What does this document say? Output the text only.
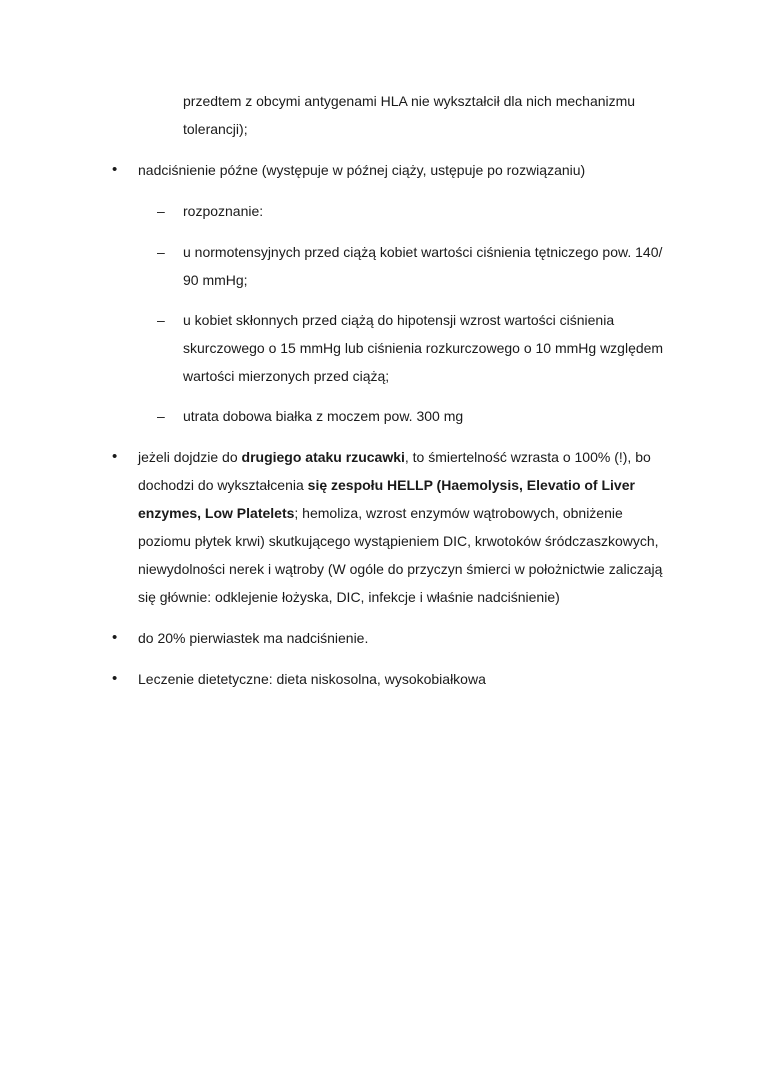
przedtem z obcymi antygenami HLA nie wykształcił dla nich mechanizmu
tolerancji);
• nadciśnienie późne (występuje w późnej ciąży, ustępuje po rozwiązaniu)
– rozpoznanie:
– u normotensyjnych przed ciążą kobiet wartości ciśnienia tętniczego pow. 140/
90 mmHg;
– u kobiet skłonnych przed ciążą do hipotensji wzrost wartości ciśnienia
skurczowego o 15 mmHg lub ciśnienia rozkurczowego o 10 mmHg względem
wartości mierzonych przed ciążą;
– utrata dobowa białka z moczem pow. 300 mg
• jeżeli dojdzie do drugiego ataku rzucawki, to śmiertelność wzrasta o 100% (!), bo
dochodzi do wykształcenia się zespołu HELLP (Haemolysis, Elevatio of Liver
enzymes, Low Platelets; hemoliza, wzrost enzymów wątrobowych, obniżenie
poziomu płytek krwi) skutkującego wystąpieniem DIC, krwotoków śródczaszkowych,
niewydolności nerek i wątroby (W ogóle do przyczyn śmierci w położnictwie zaliczają
się głównie: odklejenie łożyska, DIC, infekcje i właśnie nadciśnienie)
• do 20% pierwiastek ma nadciśnienie.
• Leczenie dietetyczne: dieta niskosolna, wysokobiałkowa
